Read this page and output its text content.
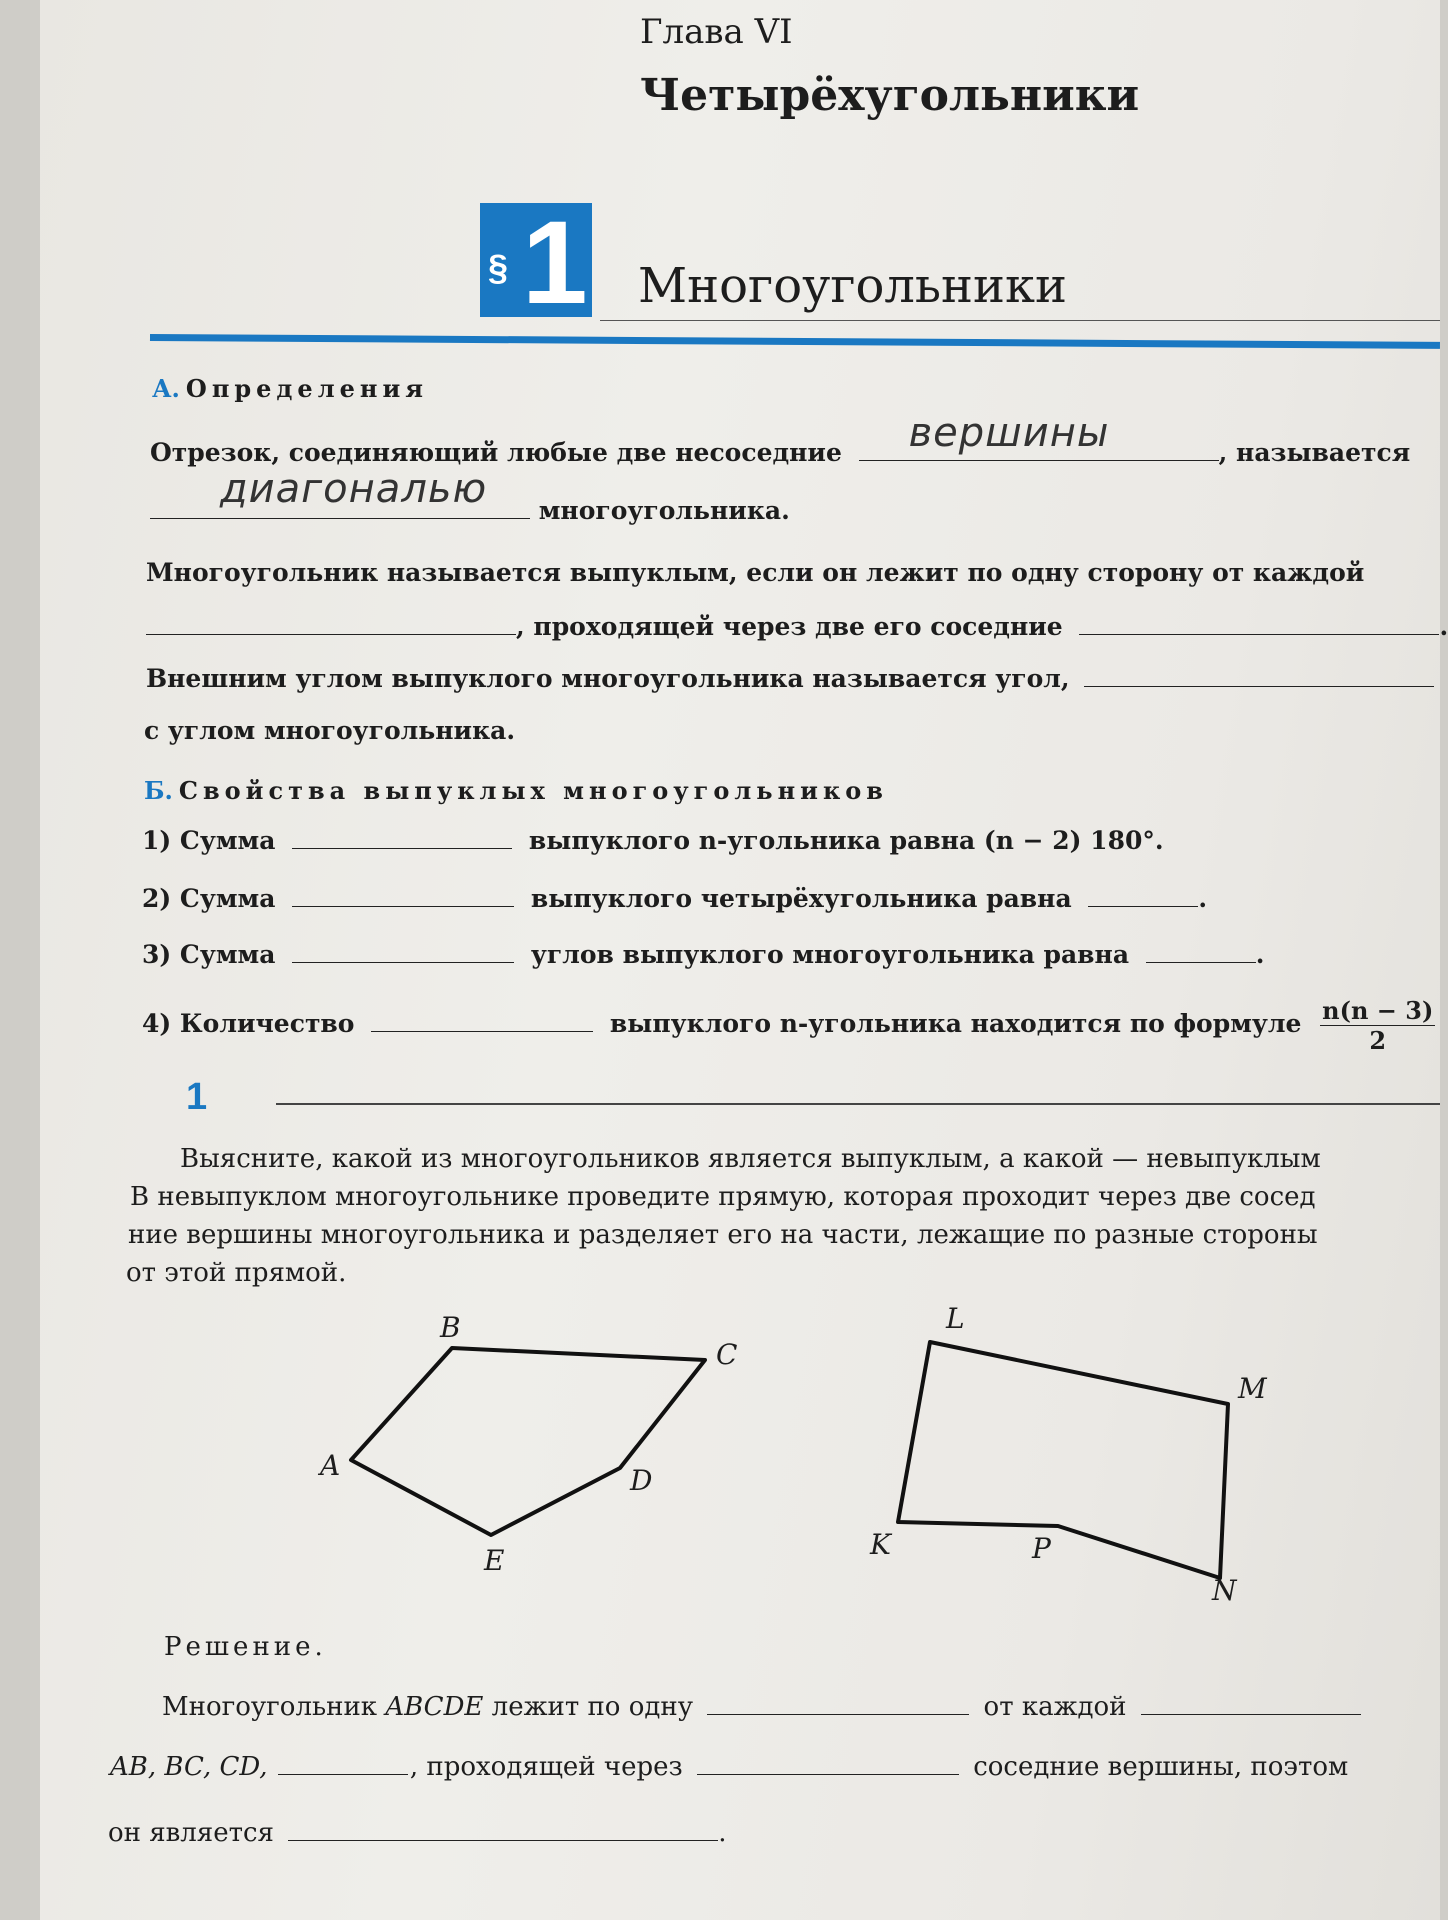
Глава VI
Четырёхугольники
§ 1 Многоугольники
А. Определения
Отрезок, соединяющий любые две несоседние вершины	, называется
диагональю многоугольника.
Многоугольник называется выпуклым, если он лежит по одну сторону от каждой
, проходящей через две его соседние	.
Внешним углом выпуклого многоугольника называется угол,
с углом многоугольника.
Б. Свойства выпуклых многоугольников
1) Сумма	выпуклого n-угольника равна (n − 2) 180°.
2) Сумма	выпуклого четырёхугольника равна	.
3) Сумма	углов выпуклого многоугольника равна	.
4) Количество	выпуклого n-угольника находится по формуле $\frac{n(n - 3)}{2}$
1
Выясните, какой из многоугольников является выпуклым, а какой — невыпуклым
В невыпуклом многоугольнике проведите прямую, которая проходит через две сосед
ние вершины многоугольника и разделяет его на части, лежащие по разные стороны
от этой прямой.
B
C
A	D
E
L
M
N
P
K
Решение.
Многоугольник ABCDE лежит по одну	от каждой
AB, BC, CD,	, проходящей через	соседние вершины, поэтом
он является	.
